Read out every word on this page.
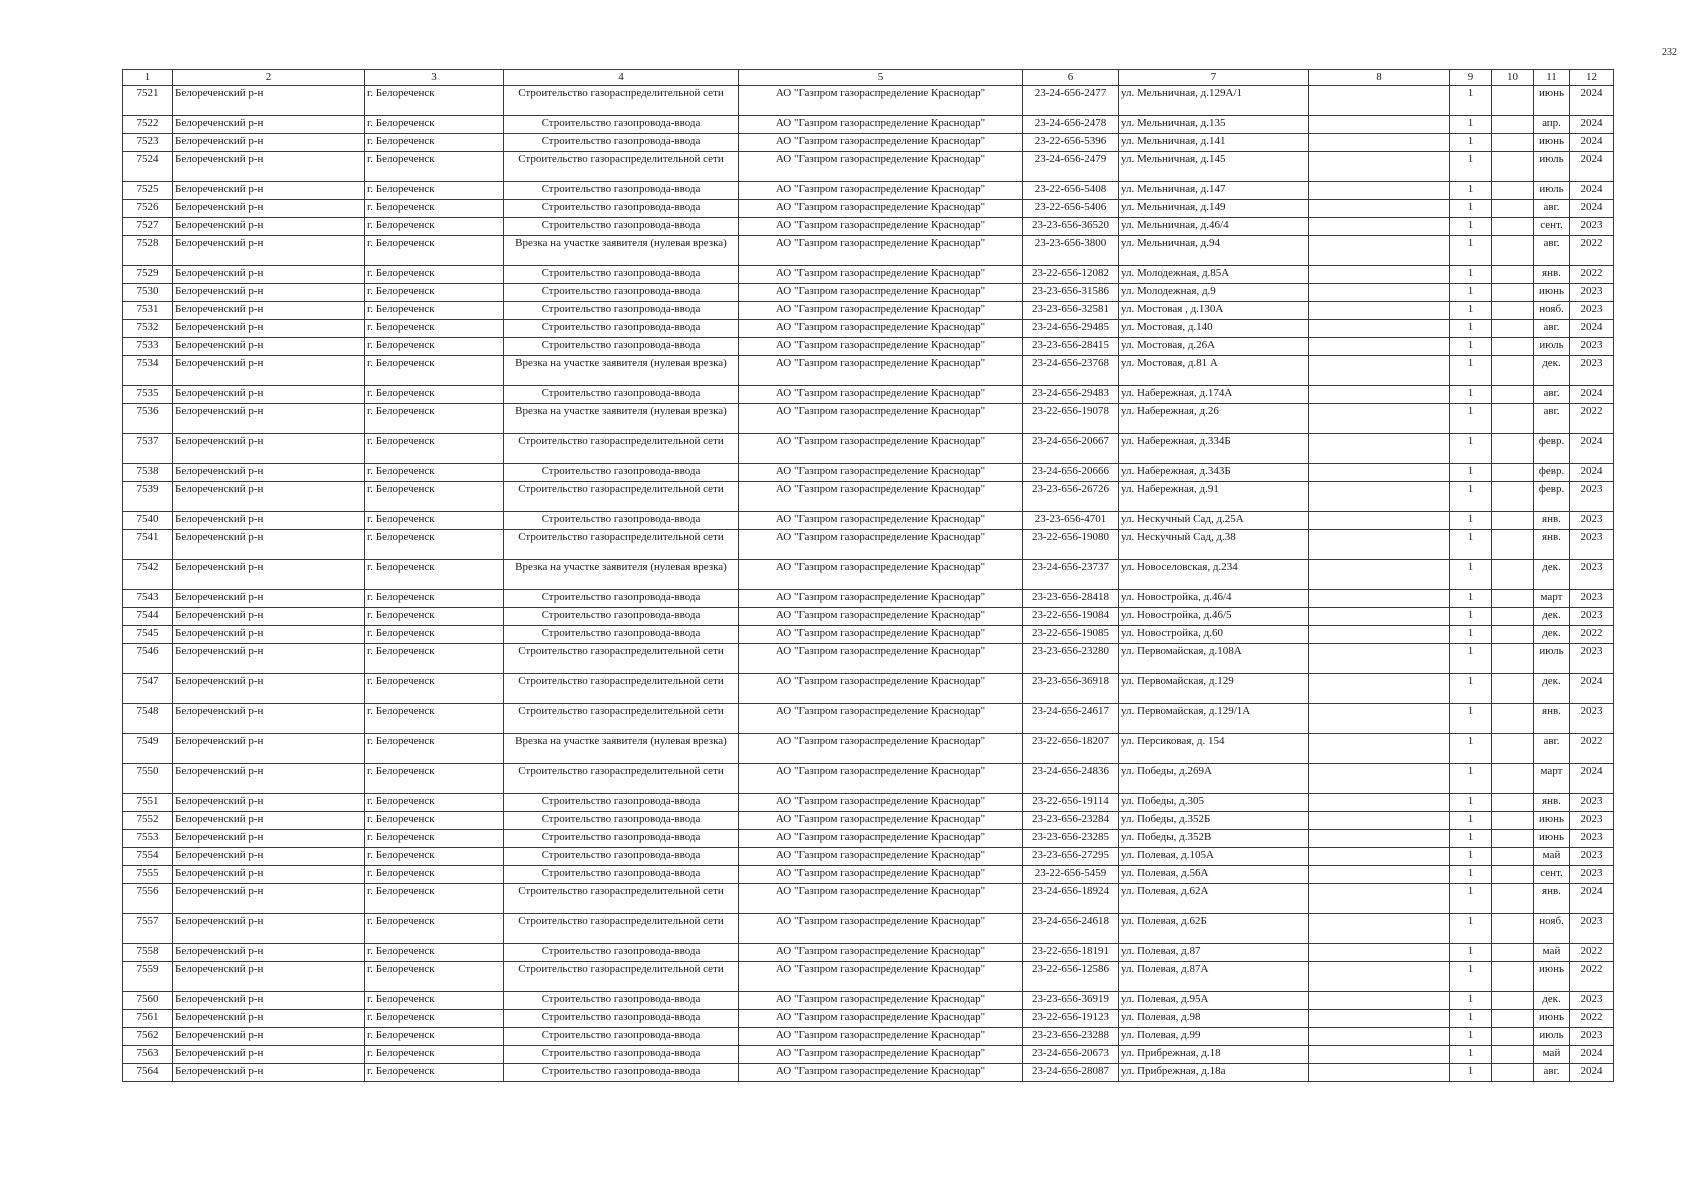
232
1	2	3	4	5	6	7	8	9	10	11	12
7521	Белореченский р-н	г. Белореченск	Строительство газораспределительной сети	АО "Газпром газораспределение Краснодар"	23-24-656-2477	ул. Мельничная, д.129А/1		1		июнь	2024
7522	Белореченский р-н	г. Белореченск	Строительство газопровода-ввода	АО "Газпром газораспределение Краснодар"	23-24-656-2478	ул. Мельничная, д.135		1		апр.	2024
7523	Белореченский р-н	г. Белореченск	Строительство газопровода-ввода	АО "Газпром газораспределение Краснодар"	23-22-656-5396	ул. Мельничная, д.141		1		июнь	2024
7524	Белореченский р-н	г. Белореченск	Строительство газораспределительной сети	АО "Газпром газораспределение Краснодар"	23-24-656-2479	ул. Мельничная, д.145		1		июль	2024
7525	Белореченский р-н	г. Белореченск	Строительство газопровода-ввода	АО "Газпром газораспределение Краснодар"	23-22-656-5408	ул. Мельничная, д.147		1		июль	2024
7526	Белореченский р-н	г. Белореченск	Строительство газопровода-ввода	АО "Газпром газораспределение Краснодар"	23-22-656-5406	ул. Мельничная, д.149		1		авг.	2024
7527	Белореченский р-н	г. Белореченск	Строительство газопровода-ввода	АО "Газпром газораспределение Краснодар"	23-23-656-36520	ул. Мельничная, д.46/4		1		сент.	2023
7528	Белореченский р-н	г. Белореченск	Врезка на участке заявителя (нулевая врезка)	АО "Газпром газораспределение Краснодар"	23-23-656-3800	ул. Мельничная, д.94		1		авг.	2022
7529	Белореченский р-н	г. Белореченск	Строительство газопровода-ввода	АО "Газпром газораспределение Краснодар"	23-22-656-12082	ул. Молодежная, д.85А		1		янв.	2022
7530	Белореченский р-н	г. Белореченск	Строительство газопровода-ввода	АО "Газпром газораспределение Краснодар"	23-23-656-31586	ул. Молодежная, д.9		1		июнь	2023
7531	Белореченский р-н	г. Белореченск	Строительство газопровода-ввода	АО "Газпром газораспределение Краснодар"	23-23-656-32581	ул. Мостовая , д.130А		1		нояб.	2023
7532	Белореченский р-н	г. Белореченск	Строительство газопровода-ввода	АО "Газпром газораспределение Краснодар"	23-24-656-29485	ул. Мостовая, д.140		1		авг.	2024
7533	Белореченский р-н	г. Белореченск	Строительство газопровода-ввода	АО "Газпром газораспределение Краснодар"	23-23-656-28415	ул. Мостовая, д.26А		1		июль	2023
7534	Белореченский р-н	г. Белореченск	Врезка на участке заявителя (нулевая врезка)	АО "Газпром газораспределение Краснодар"	23-24-656-23768	ул. Мостовая, д.81 А		1		дек.	2023
7535	Белореченский р-н	г. Белореченск	Строительство газопровода-ввода	АО "Газпром газораспределение Краснодар"	23-24-656-29483	ул. Набережная, д.174А		1		авг.	2024
7536	Белореченский р-н	г. Белореченск	Врезка на участке заявителя (нулевая врезка)	АО "Газпром газораспределение Краснодар"	23-22-656-19078	ул. Набережная, д.26		1		авг.	2022
7537	Белореченский р-н	г. Белореченск	Строительство газораспределительной сети	АО "Газпром газораспределение Краснодар"	23-24-656-20667	ул. Набережная, д.334Б		1		февр.	2024
7538	Белореченский р-н	г. Белореченск	Строительство газопровода-ввода	АО "Газпром газораспределение Краснодар"	23-24-656-20666	ул. Набережная, д.343Б		1		февр.	2024
7539	Белореченский р-н	г. Белореченск	Строительство газораспределительной сети	АО "Газпром газораспределение Краснодар"	23-23-656-26726	ул. Набережная, д.91		1		февр.	2023
7540	Белореченский р-н	г. Белореченск	Строительство газопровода-ввода	АО "Газпром газораспределение Краснодар"	23-23-656-4701	ул. Нескучный Сад, д.25А		1		янв.	2023
7541	Белореченский р-н	г. Белореченск	Строительство газораспределительной сети	АО "Газпром газораспределение Краснодар"	23-22-656-19080	ул. Нескучный Сад, д.38		1		янв.	2023
7542	Белореченский р-н	г. Белореченск	Врезка на участке заявителя (нулевая врезка)	АО "Газпром газораспределение Краснодар"	23-24-656-23737	ул. Новоселовская, д.234		1		дек.	2023
7543	Белореченский р-н	г. Белореченск	Строительство газопровода-ввода	АО "Газпром газораспределение Краснодар"	23-23-656-28418	ул. Новостройка, д.46/4		1		март	2023
7544	Белореченский р-н	г. Белореченск	Строительство газопровода-ввода	АО "Газпром газораспределение Краснодар"	23-22-656-19084	ул. Новостройка, д.46/5		1		дек.	2023
7545	Белореченский р-н	г. Белореченск	Строительство газопровода-ввода	АО "Газпром газораспределение Краснодар"	23-22-656-19085	ул. Новостройка, д.60		1		дек.	2022
7546	Белореченский р-н	г. Белореченск	Строительство газораспределительной сети	АО "Газпром газораспределение Краснодар"	23-23-656-23280	ул. Первомайская, д.108А		1		июль	2023
7547	Белореченский р-н	г. Белореченск	Строительство газораспределительной сети	АО "Газпром газораспределение Краснодар"	23-23-656-36918	ул. Первомайская, д.129		1		дек.	2024
7548	Белореченский р-н	г. Белореченск	Строительство газораспределительной сети	АО "Газпром газораспределение Краснодар"	23-24-656-24617	ул. Первомайская, д.129/1А		1		янв.	2023
7549	Белореченский р-н	г. Белореченск	Врезка на участке заявителя (нулевая врезка)	АО "Газпром газораспределение Краснодар"	23-22-656-18207	ул. Персиковая, д. 154		1		авг.	2022
7550	Белореченский р-н	г. Белореченск	Строительство газораспределительной сети	АО "Газпром газораспределение Краснодар"	23-24-656-24836	ул. Победы, д.269А		1		март	2024
7551	Белореченский р-н	г. Белореченск	Строительство газопровода-ввода	АО "Газпром газораспределение Краснодар"	23-22-656-19114	ул. Победы, д.305		1		янв.	2023
7552	Белореченский р-н	г. Белореченск	Строительство газопровода-ввода	АО "Газпром газораспределение Краснодар"	23-23-656-23284	ул. Победы, д.352Б		1		июнь	2023
7553	Белореченский р-н	г. Белореченск	Строительство газопровода-ввода	АО "Газпром газораспределение Краснодар"	23-23-656-23285	ул. Победы, д.352В		1		июнь	2023
7554	Белореченский р-н	г. Белореченск	Строительство газопровода-ввода	АО "Газпром газораспределение Краснодар"	23-23-656-27295	ул. Полевая, д.105А		1		май	2023
7555	Белореченский р-н	г. Белореченск	Строительство газопровода-ввода	АО "Газпром газораспределение Краснодар"	23-22-656-5459	ул. Полевая, д.56А		1		сент.	2023
7556	Белореченский р-н	г. Белореченск	Строительство газораспределительной сети	АО "Газпром газораспределение Краснодар"	23-24-656-18924	ул. Полевая, д.62А		1		янв.	2024
7557	Белореченский р-н	г. Белореченск	Строительство газораспределительной сети	АО "Газпром газораспределение Краснодар"	23-24-656-24618	ул. Полевая, д.62Б		1		нояб.	2023
7558	Белореченский р-н	г. Белореченск	Строительство газопровода-ввода	АО "Газпром газораспределение Краснодар"	23-22-656-18191	ул. Полевая, д.87		1		май	2022
7559	Белореченский р-н	г. Белореченск	Строительство газораспределительной сети	АО "Газпром газораспределение Краснодар"	23-22-656-12586	ул. Полевая, д.87А		1		июнь	2022
7560	Белореченский р-н	г. Белореченск	Строительство газопровода-ввода	АО "Газпром газораспределение Краснодар"	23-23-656-36919	ул. Полевая, д.95А		1		дек.	2023
7561	Белореченский р-н	г. Белореченск	Строительство газопровода-ввода	АО "Газпром газораспределение Краснодар"	23-22-656-19123	ул. Полевая, д.98		1		июнь	2022
7562	Белореченский р-н	г. Белореченск	Строительство газопровода-ввода	АО "Газпром газораспределение Краснодар"	23-23-656-23288	ул. Полевая, д.99		1		июль	2023
7563	Белореченский р-н	г. Белореченск	Строительство газопровода-ввода	АО "Газпром газораспределение Краснодар"	23-24-656-20673	ул. Прибрежная, д.18		1		май	2024
7564	Белореченский р-н	г. Белореченск	Строительство газопровода-ввода	АО "Газпром газораспределение Краснодар"	23-24-656-28087	ул. Прибрежная, д.18а		1		авг.	2024
